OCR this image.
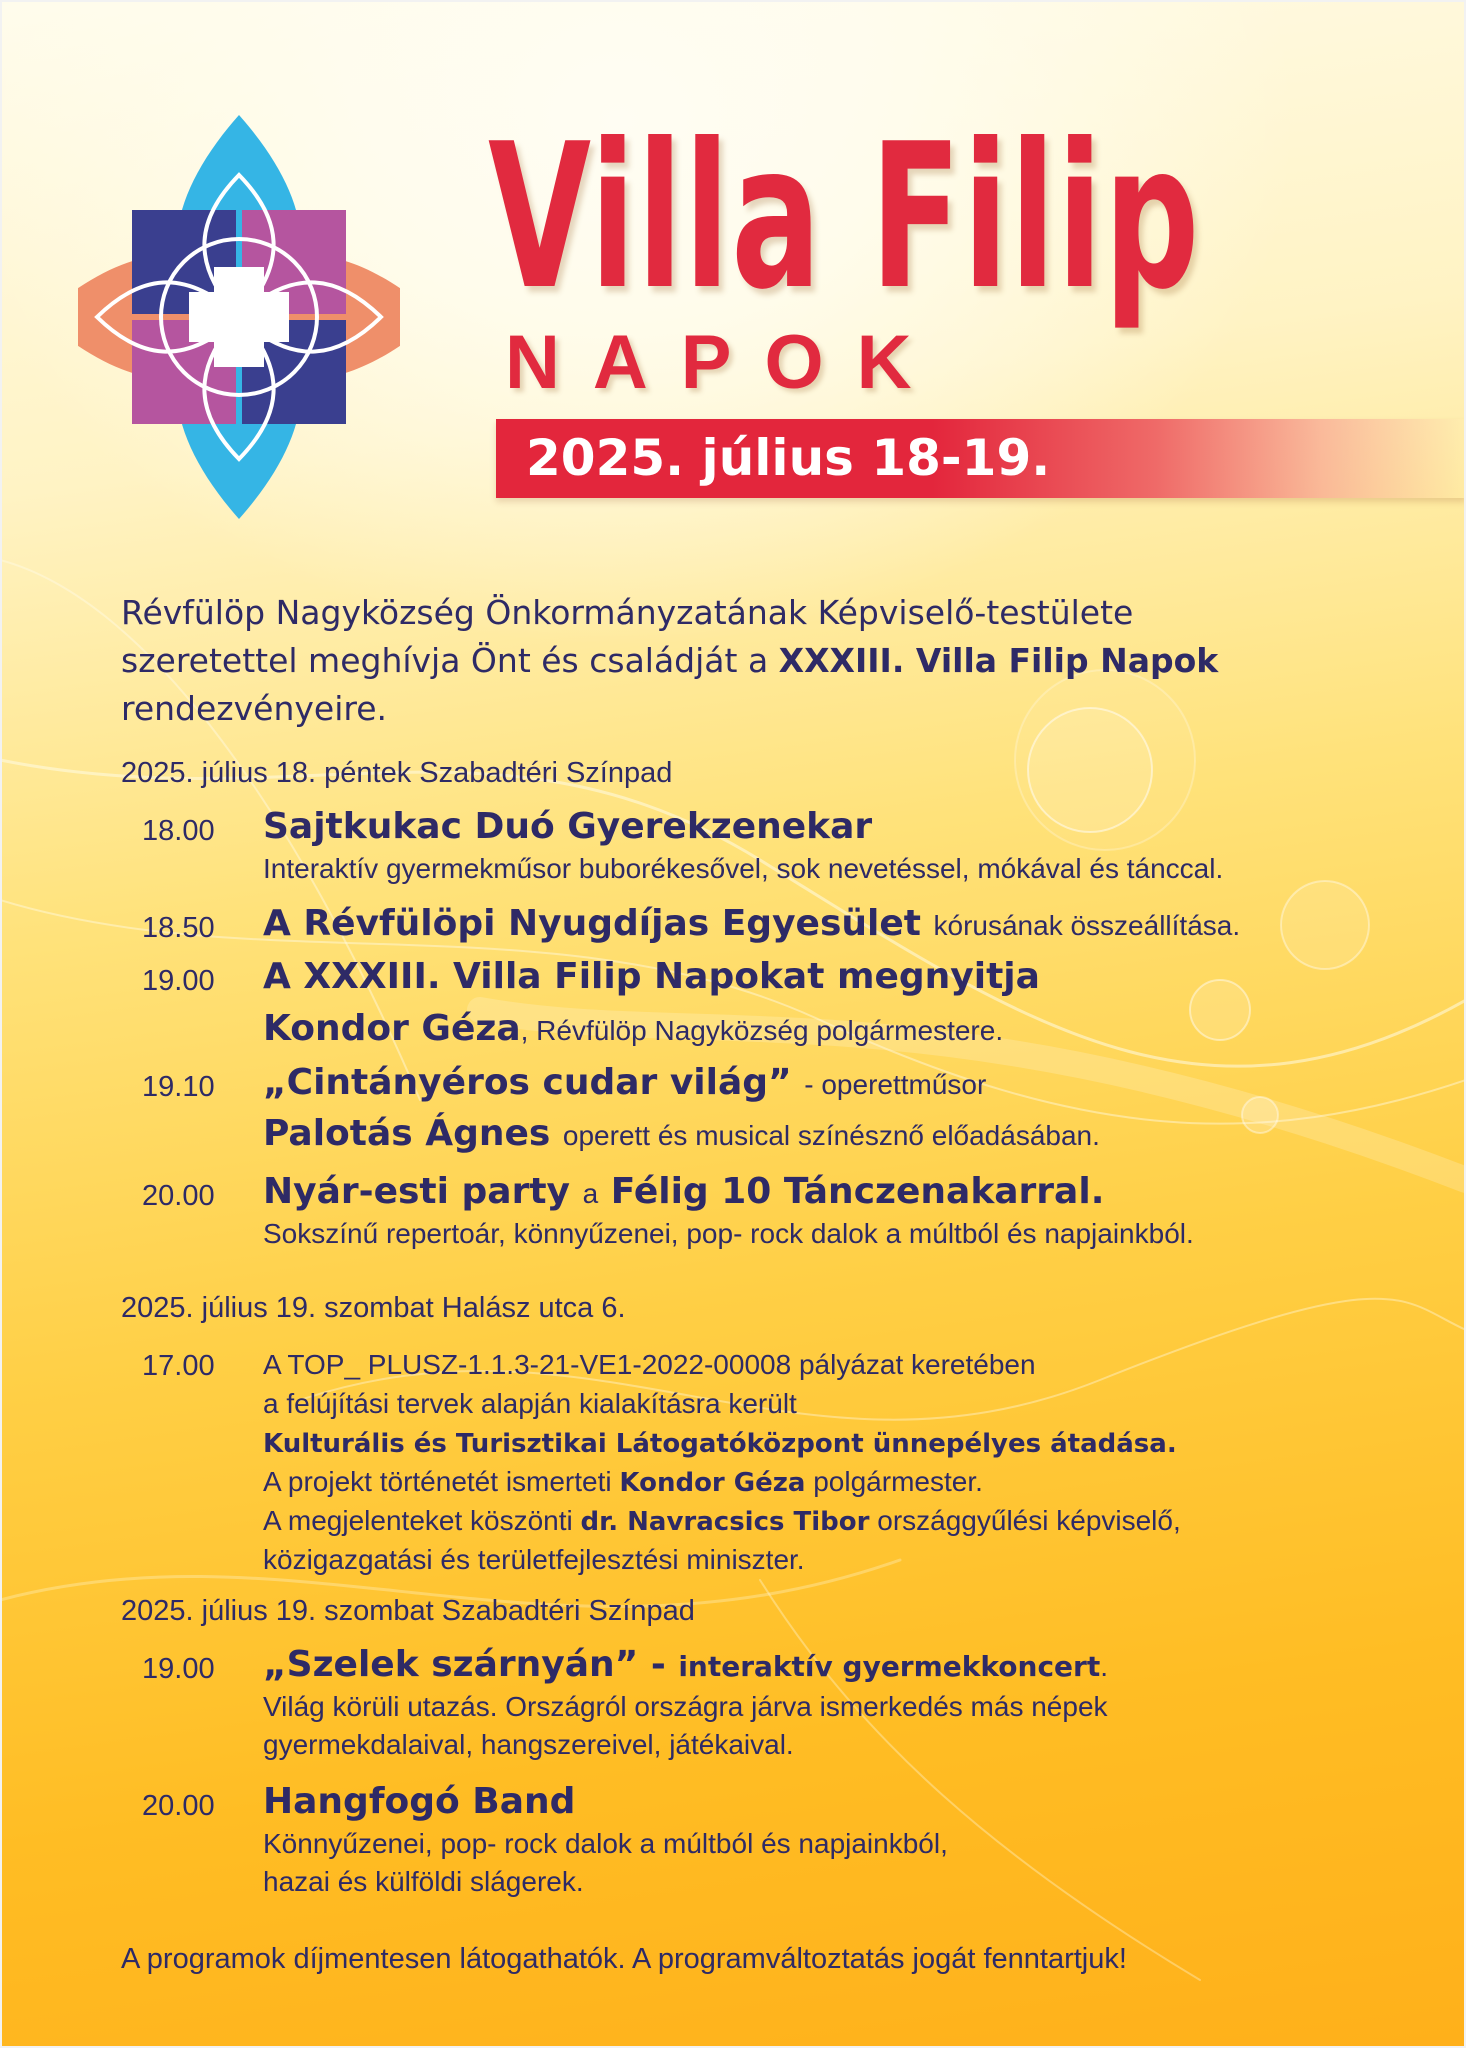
Villa Filip
NAPOK
2025. július 18-19.
Révfülöp Nagyközség Önkormányzatának Képviselő-testülete
szeretettel meghívja Önt és családját a XXXIII. Villa Filip Napok
rendezvényeire.
2025. július 18. péntek Szabadtéri Színpad
18.00 Sajtkukac Duó Gyerekzenekar
Interaktív gyermekműsor buborékesővel, sok nevetéssel, mókával és tánccal.
18.50 A Révfülöpi Nyugdíjas Egyesület kórusának összeállítása.
19.00 A XXXIII. Villa Filip Napokat megnyitja
Kondor Géza, Révfülöp Nagyközség polgármestere.
19.10 „Cintányéros cudar világ” - operettműsor
Palotás Ágnes operett és musical színésznő előadásában.
20.00 Nyár-esti party a Félig 10 Tánczenakarral.
Sokszínű repertoár, könnyűzenei, pop- rock dalok a múltból és napjainkból.
2025. július 19. szombat Halász utca 6.
17.00 A TOP_ PLUSZ-1.1.3-21-VE1-2022-00008 pályázat keretében
a felújítási tervek alapján kialakításra került
Kulturális és Turisztikai Látogatóközpont ünnepélyes átadása.
A projekt történetét ismerteti Kondor Géza polgármester.
A megjelenteket köszönti dr. Navracsics Tibor országgyűlési képviselő,
közigazgatási és területfejlesztési miniszter.
2025. július 19. szombat Szabadtéri Színpad
19.00 „Szelek szárnyán” - interaktív gyermekkoncert.
Világ körüli utazás. Országról országra járva ismerkedés más népek
gyermekdalaival, hangszereivel, játékaival.
20.00 Hangfogó Band
Könnyűzenei, pop- rock dalok a múltból és napjainkból,
hazai és külföldi slágerek.
A programok díjmentesen látogathatók. A programváltoztatás jogát fenntartjuk!
